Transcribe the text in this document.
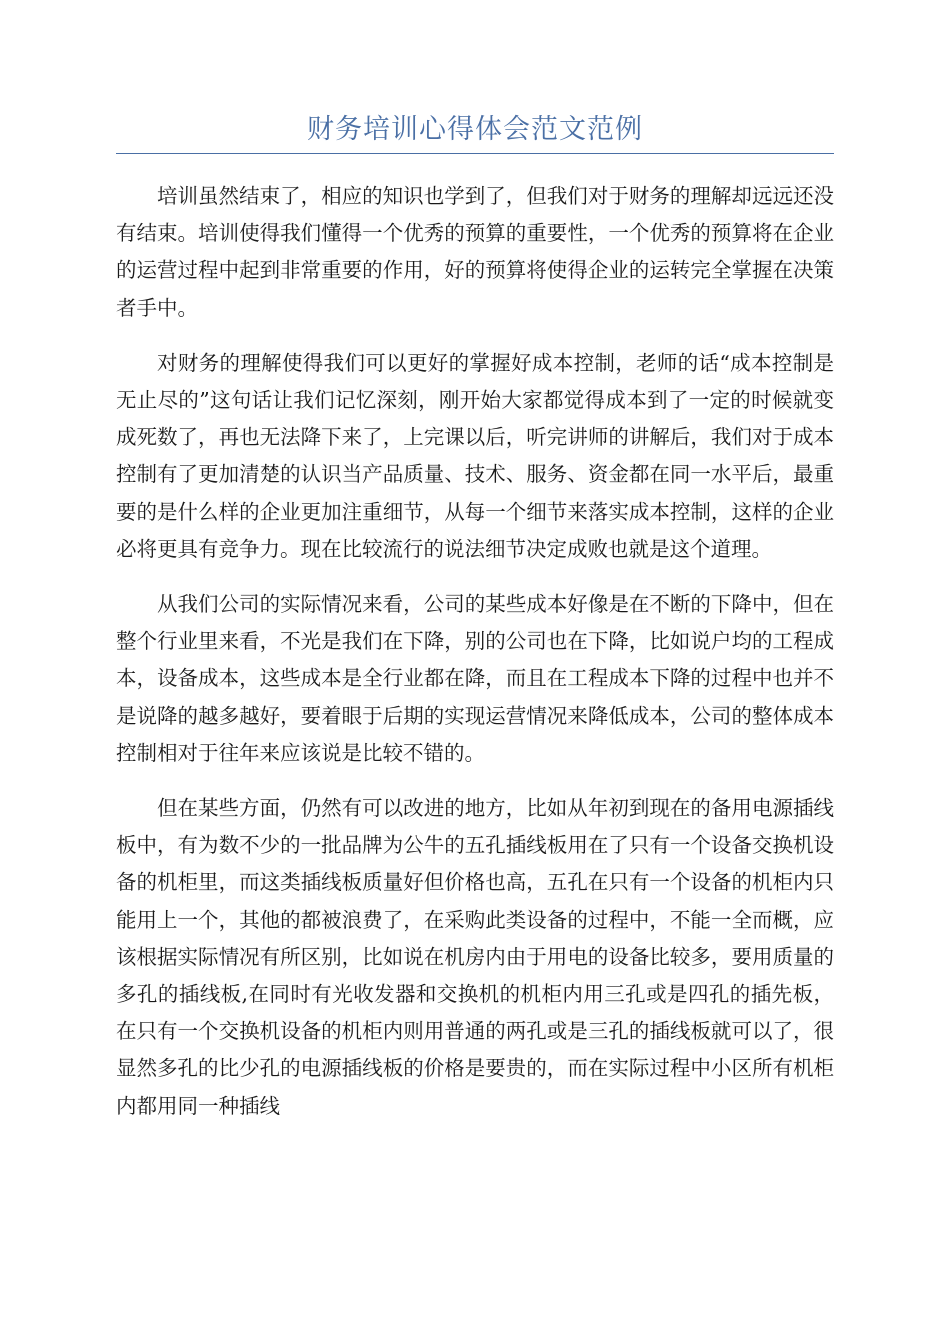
财务培训心得体会范文范例

培训虽然结束了，相应的知识也学到了，但我们对于财务的理解却远远还没有结束。培训使得我们懂得一个优秀的预算的重要性，一个优秀的预算将在企业的运营过程中起到非常重要的作用，好的预算将使得企业的运转完全掌握在决策者手中。

对财务的理解使得我们可以更好的掌握好成本控制，老师的话“成本控制是无止尽的”这句话让我们记忆深刻，刚开始大家都觉得成本到了一定的时候就变成死数了，再也无法降下来了，上完课以后，听完讲师的讲解后，我们对于成本控制有了更加清楚的认识当产品质量、技术、服务、资金都在同一水平后，最重要的是什么样的企业更加注重细节，从每一个细节来落实成本控制，这样的企业必将更具有竞争力。现在比较流行的说法细节决定成败也就是这个道理。

从我们公司的实际情况来看，公司的某些成本好像是在不断的下降中，但在整个行业里来看，不光是我们在下降，别的公司也在下降，比如说户均的工程成本，设备成本，这些成本是全行业都在降，而且在工程成本下降的过程中也并不是说降的越多越好，要着眼于后期的实现运营情况来降低成本，公司的整体成本控制相对于往年来应该说是比较不错的。

但在某些方面，仍然有可以改进的地方，比如从年初到现在的备用电源插线板中，有为数不少的一批品牌为公牛的五孔插线板用在了只有一个设备交换机设备的机柜里，而这类插线板质量好但价格也高，五孔在只有一个设备的机柜内只能用上一个，其他的都被浪费了，在采购此类设备的过程中，不能一全而概，应该根据实际情况有所区别，比如说在机房内由于用电的设备比较多，要用质量的多孔的插线板,在同时有光收发器和交换机的机柜内用三孔或是四孔的插先板，在只有一个交换机设备的机柜内则用普通的两孔或是三孔的插线板就可以了，很显然多孔的比少孔的电源插线板的价格是要贵的，而在实际过程中小区所有机柜内都用同一种插线
